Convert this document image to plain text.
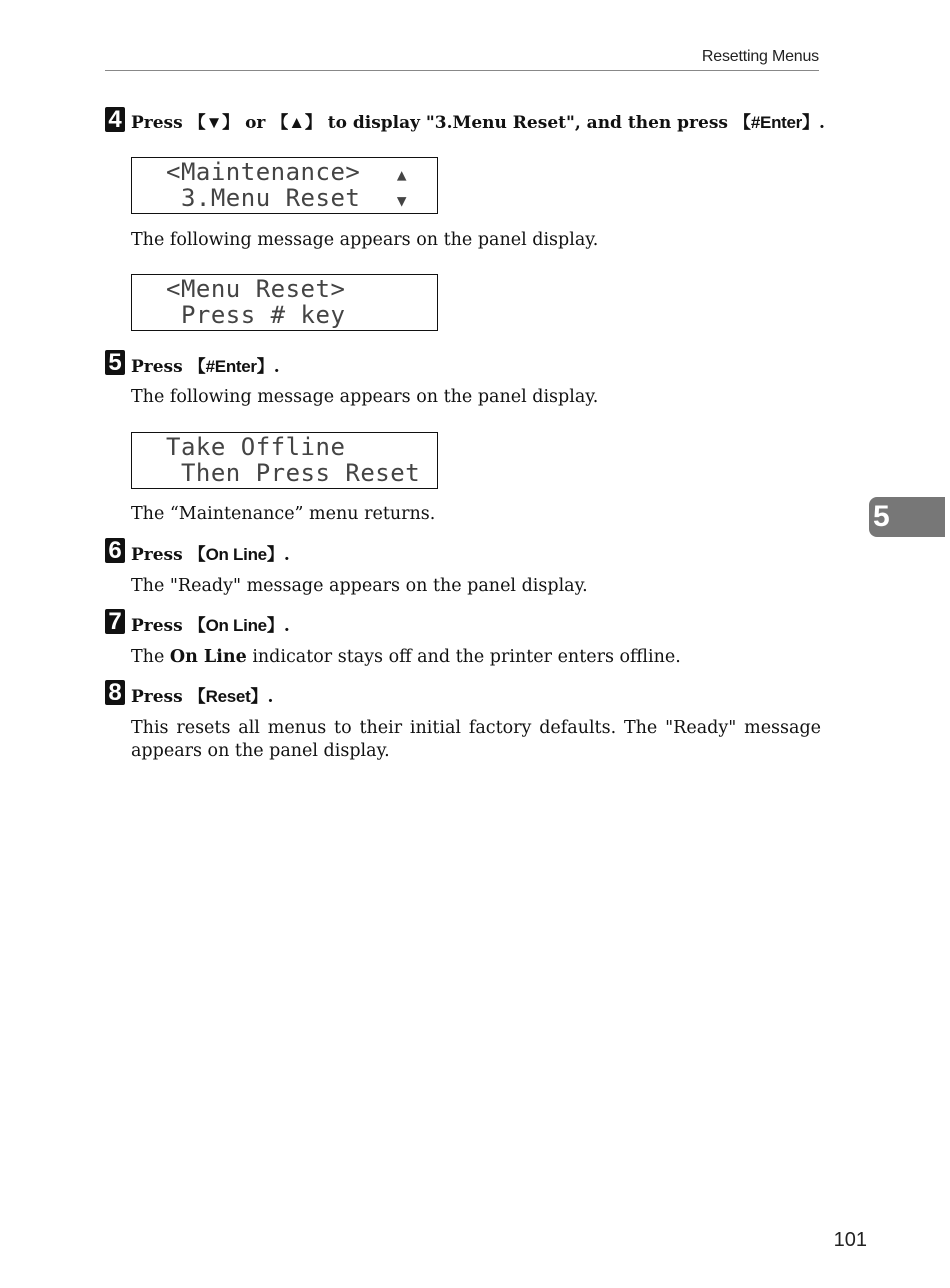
Resetting Menus
4 Press 【▼】 or 【▲】 to display "3.Menu Reset", and then press 【#Enter】.
<Maintenance>
3.Menu Reset
▲
▼
The following message appears on the panel display.
<Menu Reset>
Press # key
5 Press 【#Enter】.
The following message appears on the panel display.
Take Offline
Then Press Reset
The “Maintenance” menu returns.
6 Press 【On Line】.
The "Ready" message appears on the panel display.
7 Press 【On Line】.
The On Line indicator stays off and the printer enters offline.
8 Press 【Reset】.
This resets all menus to their initial factory defaults. The "Ready" message appears on the panel display.
5
101
